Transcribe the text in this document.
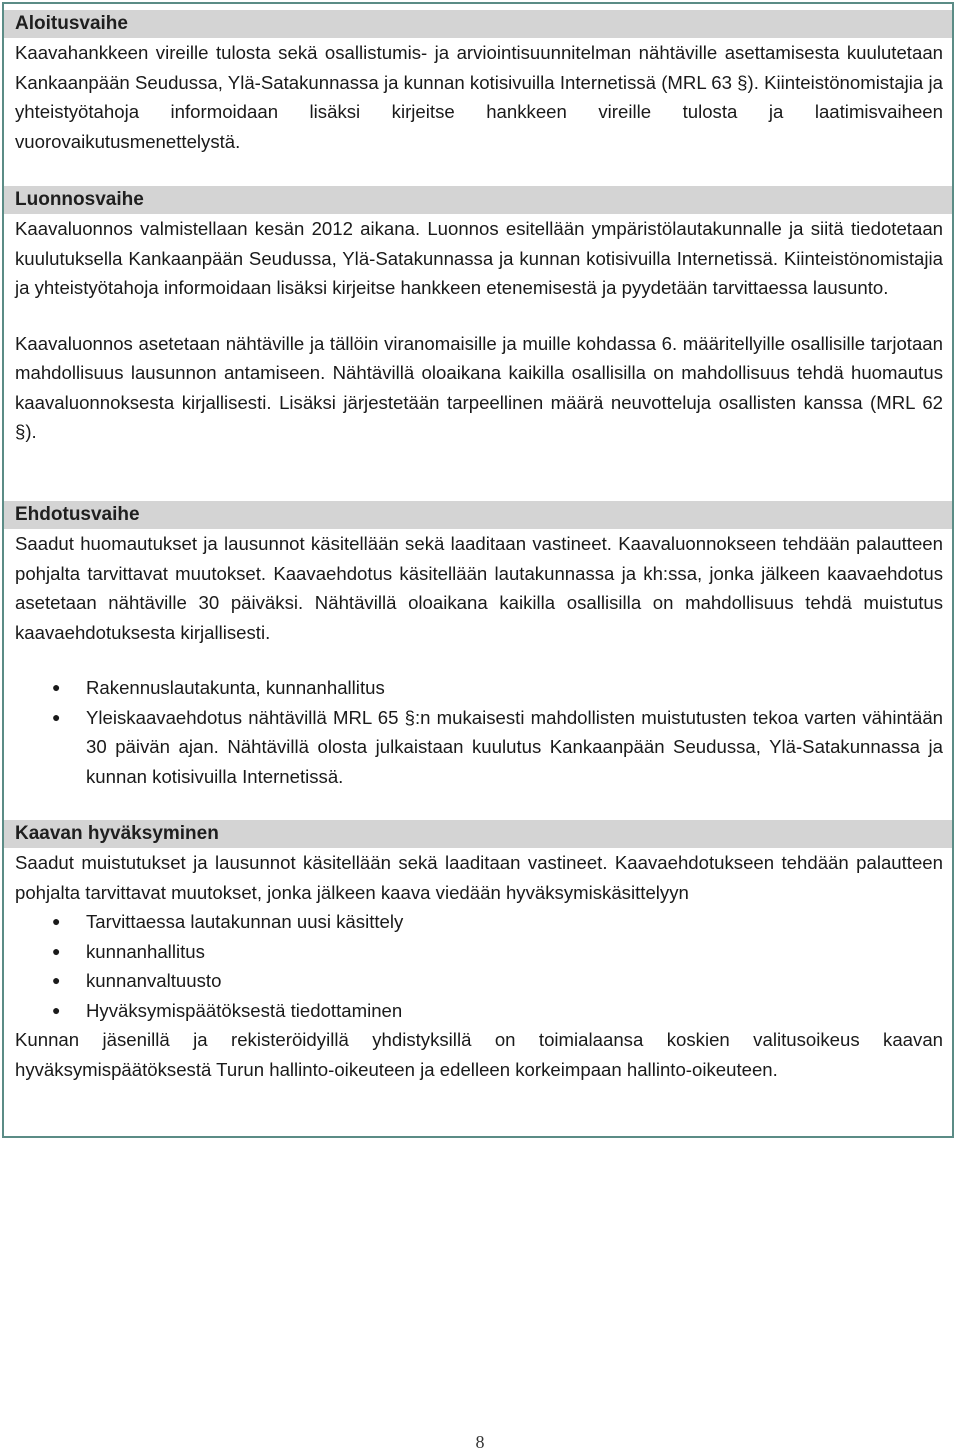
Aloitusvaihe
Kaavahankkeen vireille tulosta sekä osallistumis- ja arviointisuunnitelman nähtäville asettamisesta kuulutetaan Kankaanpään Seudussa, Ylä-Satakunnassa ja kunnan kotisivuilla Internetissä (MRL 63 §). Kiinteistönomistajia ja yhteistyötahoja informoidaan lisäksi kirjeitse hankkeen vireille tulosta ja laatimisvaiheen vuorovaikutusmenettelystä.
Luonnosvaihe
Kaavaluonnos valmistellaan kesän 2012 aikana. Luonnos esitellään ympäristölautakunnalle ja siitä tiedotetaan kuulutuksella Kankaanpään Seudussa, Ylä-Satakunnassa ja kunnan kotisivuilla Internetissä. Kiinteistönomistajia ja yhteistyötahoja informoidaan lisäksi kirjeitse hankkeen etenemisestä ja pyydetään tarvittaessa lausunto.
Kaavaluonnos asetetaan nähtäville ja tällöin viranomaisille ja muille kohdassa 6. määritellyille osallisille tarjotaan mahdollisuus lausunnon antamiseen. Nähtävillä oloaikana kaikilla osallisilla on mahdollisuus tehdä huomautus kaavaluonnoksesta kirjallisesti. Lisäksi järjestetään tarpeellinen määrä neuvotteluja osallisten kanssa (MRL 62 §).
Ehdotusvaihe
Saadut huomautukset ja lausunnot käsitellään sekä laaditaan vastineet. Kaavaluonnokseen tehdään palautteen pohjalta tarvittavat muutokset. Kaavaehdotus käsitellään lautakunnassa ja kh:ssa, jonka jälkeen kaavaehdotus asetetaan nähtäville 30 päiväksi. Nähtävillä oloaikana kaikilla osallisilla on mahdollisuus tehdä muistutus kaavaehdotuksesta kirjallisesti.
● Rakennuslautakunta, kunnanhallitus
● Yleiskaavaehdotus nähtävillä MRL 65 §:n mukaisesti mahdollisten muistutusten tekoa varten vähintään 30 päivän ajan. Nähtävillä olosta julkaistaan kuulutus Kankaanpään Seudussa, Ylä-Satakunnassa ja kunnan kotisivuilla Internetissä.
Kaavan hyväksyminen
Saadut muistutukset ja lausunnot käsitellään sekä laaditaan vastineet. Kaavaehdotukseen tehdään palautteen pohjalta tarvittavat muutokset, jonka jälkeen kaava viedään hyväksymiskäsittelyyn
● Tarvittaessa lautakunnan uusi käsittely
● kunnanhallitus
● kunnanvaltuusto
● Hyväksymispäätöksestä tiedottaminen
Kunnan jäsenillä ja rekisteröidyillä yhdistyksillä on toimialaansa koskien valitusoikeus kaavan hyväksymispäätöksestä Turun hallinto-oikeuteen ja edelleen korkeimpaan hallinto-oikeuteen.
8
